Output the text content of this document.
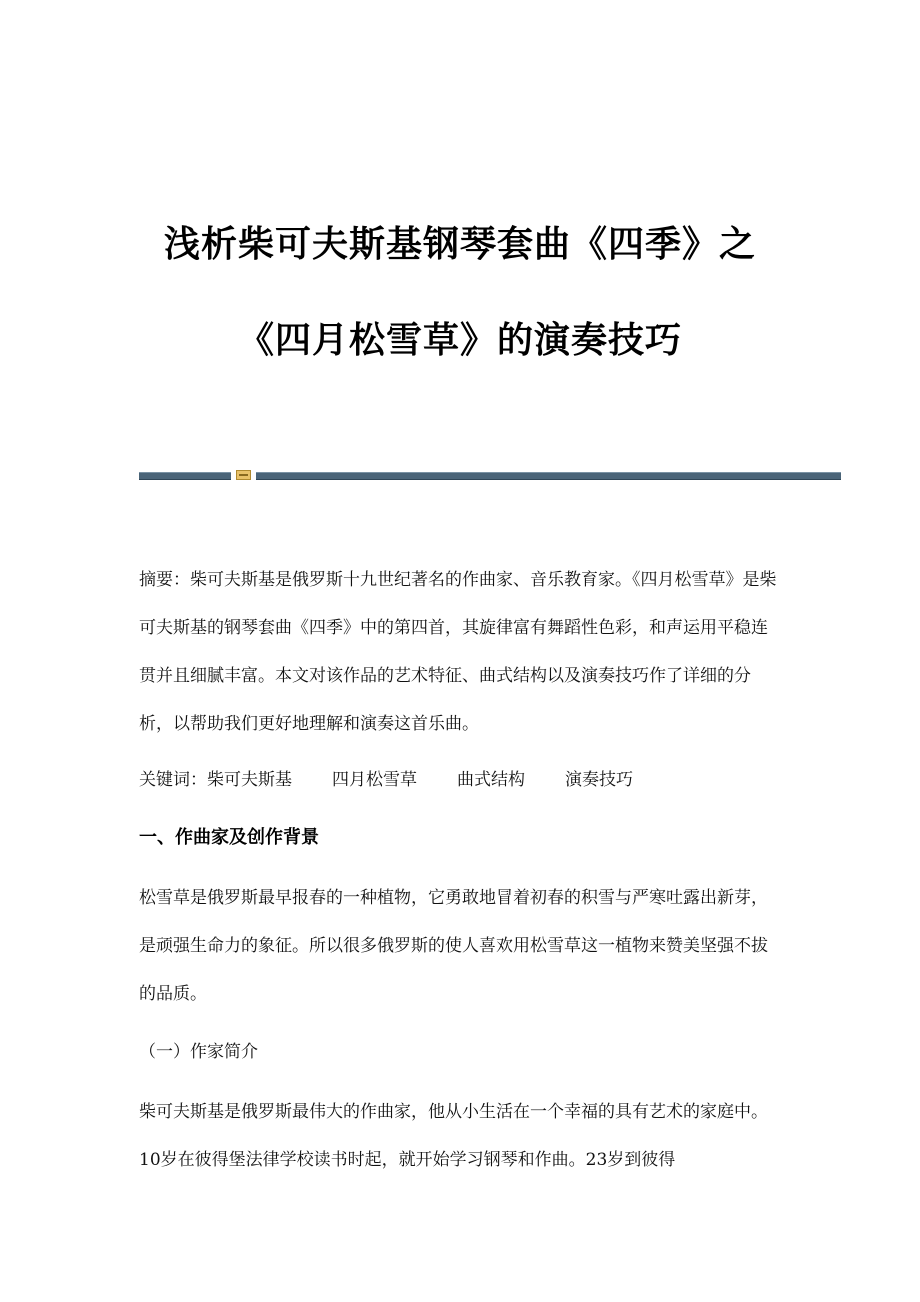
浅析柴可夫斯基钢琴套曲《四季》之
《四月松雪草》的演奏技巧
摘要：柴可夫斯基是俄罗斯十九世纪著名的作曲家、音乐教育家。《四月松雪草》是柴可夫斯基的钢琴套曲《四季》中的第四首，其旋律富有舞蹈性色彩，和声运用平稳连贯并且细腻丰富。本文对该作品的艺术特征、曲式结构以及演奏技巧作了详细的分析，以帮助我们更好地理解和演奏这首乐曲。
关键词：柴可夫斯基 四月松雪草 曲式结构 演奏技巧
一、作曲家及创作背景
松雪草是俄罗斯最早报春的一种植物，它勇敢地冒着初春的积雪与严寒吐露出新芽，是顽强生命力的象征。所以很多俄罗斯的使人喜欢用松雪草这一植物来赞美坚强不拔的品质。
（一）作家简介
柴可夫斯基是俄罗斯最伟大的作曲家，他从小生活在一个幸福的具有艺术的家庭中。10岁在彼得堡法律学校读书时起，就开始学习钢琴和作曲。23岁到彼得
